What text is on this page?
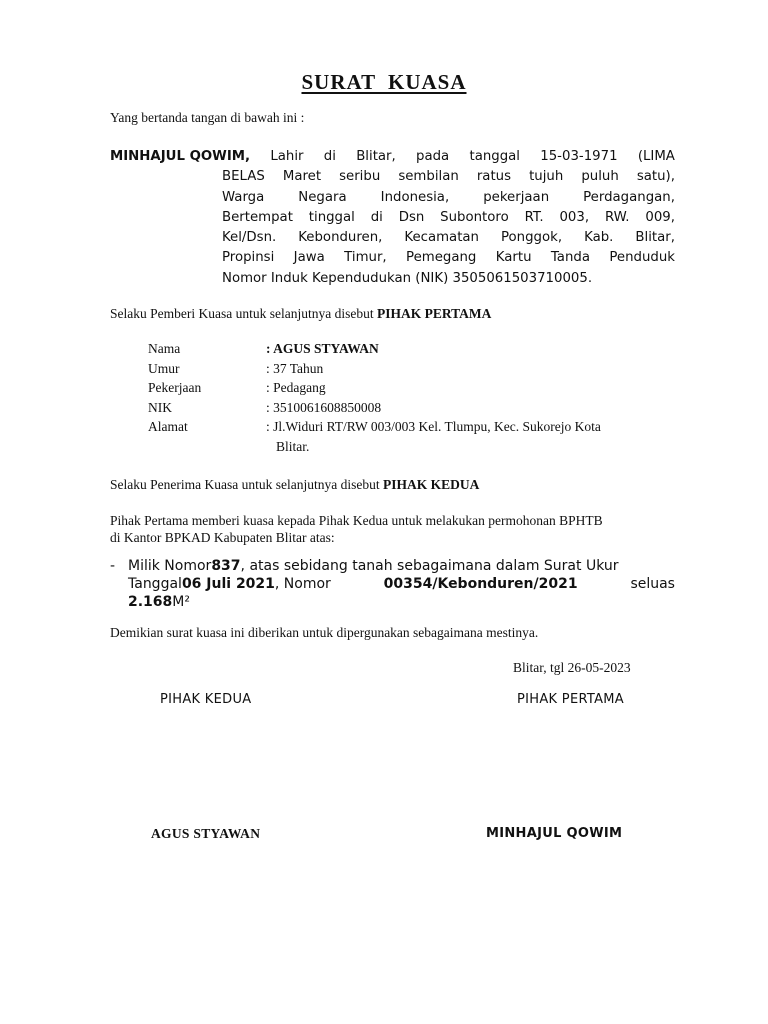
SURAT KUASA
Yang bertanda tangan di bawah ini :
MINHAJUL QOWIM, Lahir di Blitar, pada tanggal 15-03-1971 (LIMA
BELAS Maret seribu sembilan ratus tujuh puluh satu),
Warga	Negara	Indonesia,	pekerjaan	Perdagangan,
Bertempat tinggal di Dsn Subontoro RT. 003, RW. 009,
Kel/Dsn. Kebonduren, Kecamatan Ponggok, Kab. Blitar,
Propinsi Jawa Timur, Pemegang Kartu Tanda Penduduk
Nomor Induk Kependudukan (NIK) 3505061503710005.
Selaku Pemberi Kuasa untuk selanjutnya disebut PIHAK PERTAMA
Nama	: AGUS STYAWAN
Umur	: 37 Tahun
Pekerjaan	: Pedagang
NIK	: 3510061608850008
Alamat	: Jl.Widuri RT/RW 003/003 Kel. Tlumpu, Kec. Sukorejo Kota
Blitar.
Selaku Penerima Kuasa untuk selanjutnya disebut PIHAK KEDUA
Pihak Pertama memberi kuasa kepada Pihak Kedua untuk melakukan permohonan BPHTB
di Kantor BPKAD Kabupaten Blitar atas:
- Milik Nomor837, atas sebidang tanah sebagaimana dalam Surat Ukur
Tanggal06 Juli 2021, Nomor	00354/Kebonduren/2021	seluas
2.168 M²
Demikian surat kuasa ini diberikan untuk dipergunakan sebagaimana mestinya.
Blitar, tgl 26-05-2023
PIHAK KEDUA	PIHAK PERTAMA
AGUS STYAWAN	MINHAJUL QOWIM
